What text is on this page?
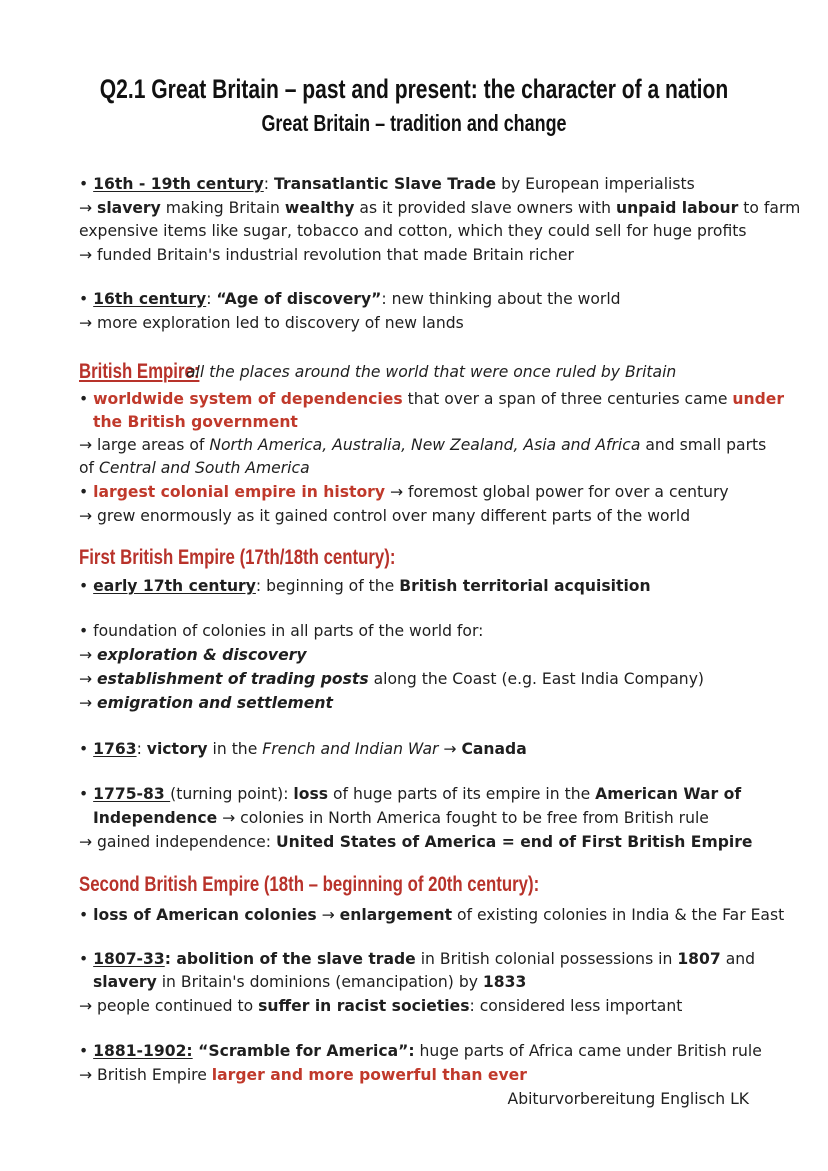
Q2.1 Great Britain – past and present: the character of a nation
Great Britain – tradition and change
• 16th - 19th century: Transatlantic Slave Trade by European imperialists
→ slavery making Britain wealthy as it provided slave owners with unpaid labour to farm
expensive items like sugar, tobacco and cotton, which they could sell for huge profits
→ funded Britain's industrial revolution that made Britain richer
• 16th century: “Age of discovery”: new thinking about the world
→ more exploration led to discovery of new lands
British Empire:
all the places around the world that were once ruled by Britain
• worldwide system of dependencies that over a span of three centuries came under
the British government
→ large areas of North America, Australia, New Zealand, Asia and Africa and small parts
of Central and South America
• largest colonial empire in history → foremost global power for over a century
→ grew enormously as it gained control over many different parts of the world
First British Empire (17th/18th century):
• early 17th century: beginning of the British territorial acquisition
• foundation of colonies in all parts of the world for:
→ exploration & discovery
→ establishment of trading posts along the Coast (e.g. East India Company)
→ emigration and settlement
• 1763: victory in the French and Indian War → Canada
• 1775-83 (turning point): loss of huge parts of its empire in the American War of
Independence → colonies in North America fought to be free from British rule
→ gained independence: United States of America = end of First British Empire
Second British Empire (18th – beginning of 20th century):
• loss of American colonies → enlargement of existing colonies in India & the Far East
• 1807-33: abolition of the slave trade in British colonial possessions in 1807 and
slavery in Britain's dominions (emancipation) by 1833
→ people continued to suffer in racist societies: considered less important
• 1881-1902: “Scramble for America”: huge parts of Africa came under British rule
→ British Empire larger and more powerful than ever
Abiturvorbereitung Englisch LK
